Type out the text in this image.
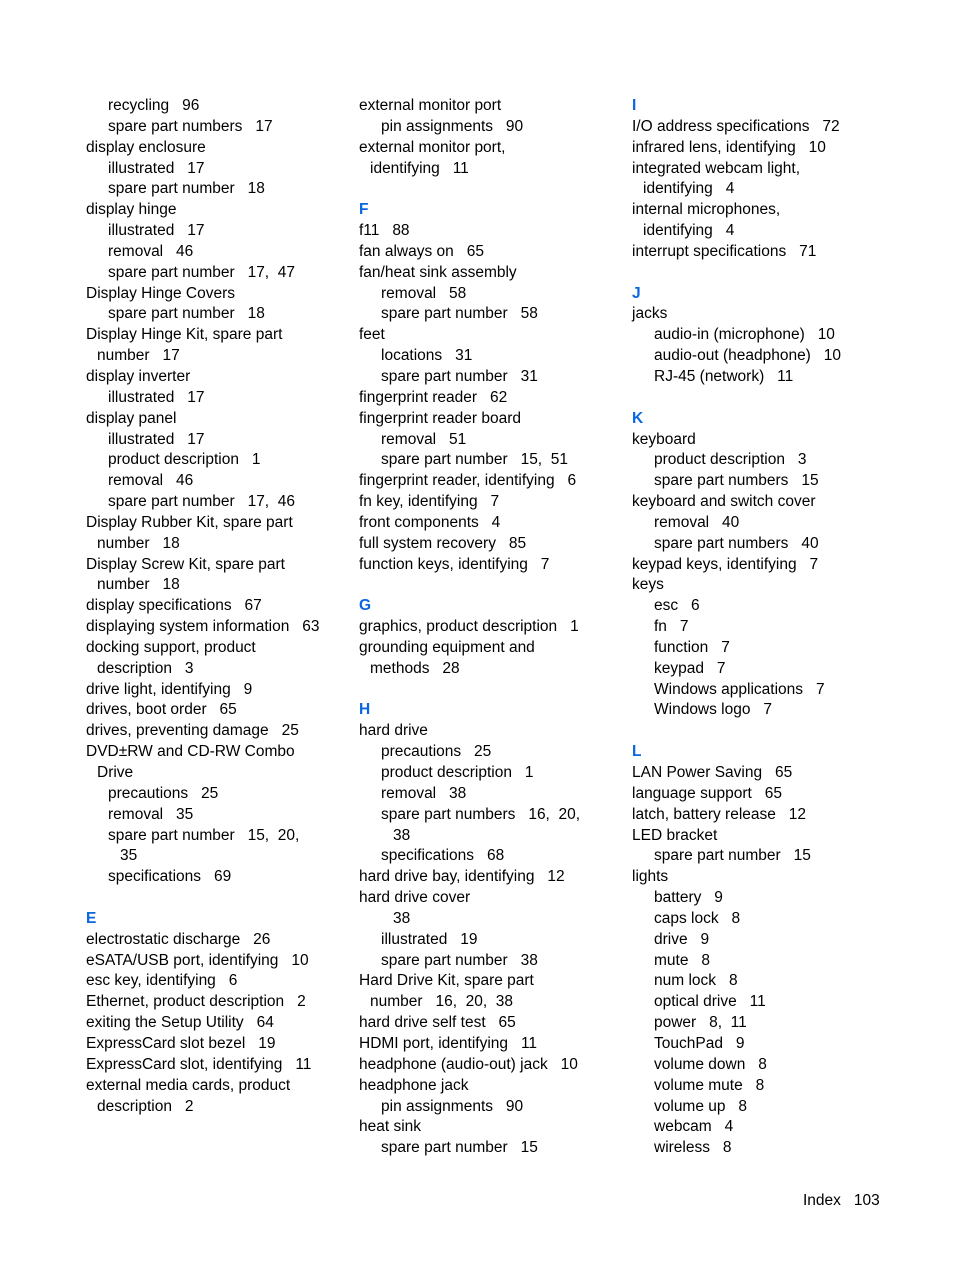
recycling   96
spare part numbers   17
display enclosure
illustrated   17
spare part number   18
display hinge
illustrated   17
removal   46
spare part number   17,  47
Display Hinge Covers
spare part number   18
Display Hinge Kit, spare part
number   17
display inverter
illustrated   17
display panel
illustrated   17
product description   1
removal   46
spare part number   17,  46
Display Rubber Kit, spare part
number   18
Display Screw Kit, spare part
number   18
display specifications   67
displaying system information   63
docking support, product
description   3
drive light, identifying   9
drives, boot order   65
drives, preventing damage   25
DVD±RW and CD-RW Combo
Drive
precautions   25
removal   35
spare part number   15,  20,
35
specifications   69
E
electrostatic discharge   26
eSATA/USB port, identifying   10
esc key, identifying   6
Ethernet, product description   2
exiting the Setup Utility   64
ExpressCard slot bezel   19
ExpressCard slot, identifying   11
external media cards, product
description   2
external monitor port
pin assignments   90
external monitor port,
identifying   11
F
f11   88
fan always on   65
fan/heat sink assembly
removal   58
spare part number   58
feet
locations   31
spare part number   31
fingerprint reader   62
fingerprint reader board
removal   51
spare part number   15,  51
fingerprint reader, identifying   6
fn key, identifying   7
front components   4
full system recovery   85
function keys, identifying   7
G
graphics, product description   1
grounding equipment and
methods   28
H
hard drive
precautions   25
product description   1
removal   38
spare part numbers   16,  20,
38
specifications   68
hard drive bay, identifying   12
hard drive cover
38
illustrated   19
spare part number   38
Hard Drive Kit, spare part
number   16,  20,  38
hard drive self test   65
HDMI port, identifying   11
headphone (audio-out) jack   10
headphone jack
pin assignments   90
heat sink
spare part number   15
I
I/O address specifications   72
infrared lens, identifying   10
integrated webcam light,
identifying   4
internal microphones,
identifying   4
interrupt specifications   71
J
jacks
audio-in (microphone)   10
audio-out (headphone)   10
RJ-45 (network)   11
K
keyboard
product description   3
spare part numbers   15
keyboard and switch cover
removal   40
spare part numbers   40
keypad keys, identifying   7
keys
esc   6
fn   7
function   7
keypad   7
Windows applications   7
Windows logo   7
L
LAN Power Saving   65
language support   65
latch, battery release   12
LED bracket
spare part number   15
lights
battery   9
caps lock   8
drive   9
mute   8
num lock   8
optical drive   11
power   8,  11
TouchPad   9
volume down   8
volume mute   8
volume up   8
webcam   4
wireless   8
Index   103
